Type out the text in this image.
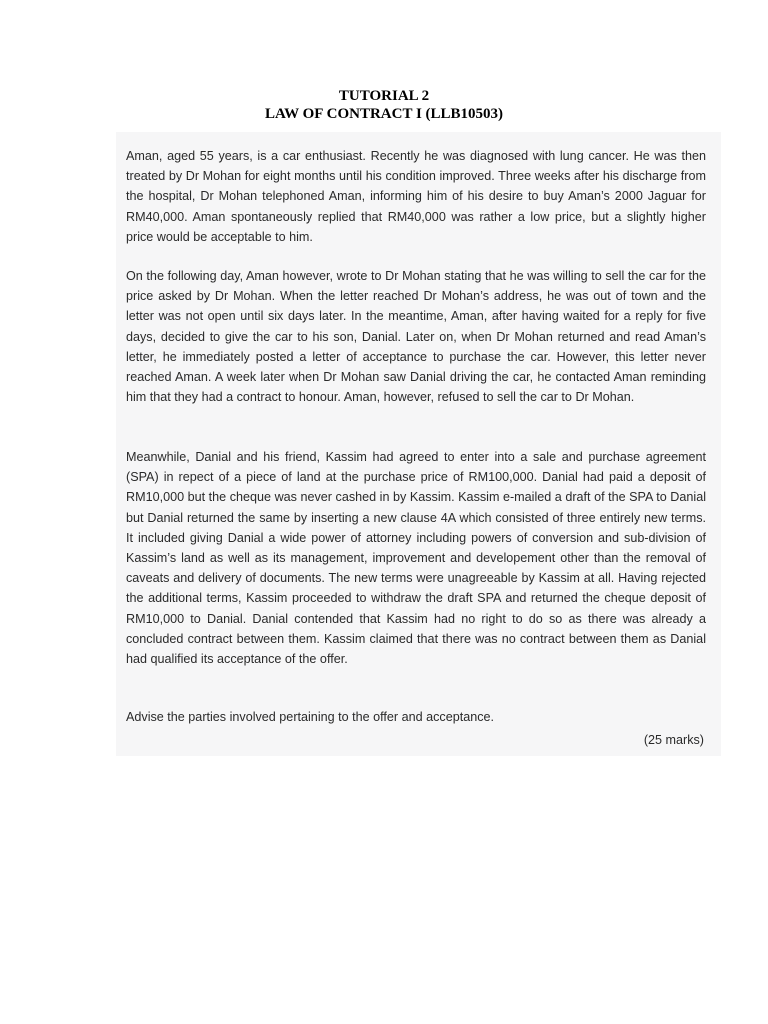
TUTORIAL 2
LAW OF CONTRACT I (LLB10503)

Aman, aged 55 years, is a car enthusiast. Recently he was diagnosed with lung cancer. He was then treated by Dr Mohan for eight months until his condition improved. Three weeks after his discharge from the hospital, Dr Mohan telephoned Aman, informing him of his desire to buy Aman’s 2000 Jaguar for RM40,000. Aman spontaneously replied that RM40,000 was rather a low price, but a slightly higher price would be acceptable to him.

On the following day, Aman however, wrote to Dr Mohan stating that he was willing to sell the car for the price asked by Dr Mohan. When the letter reached Dr Mohan’s address, he was out of town and the letter was not open until six days later. In the meantime, Aman, after having waited for a reply for five days, decided to give the car to his son, Danial. Later on, when Dr Mohan returned and read Aman’s letter, he immediately posted a letter of acceptance to purchase the car. However, this letter never reached Aman. A week later when Dr Mohan saw Danial driving the car, he contacted Aman reminding him that they had a contract to honour. Aman, however, refused to sell the car to Dr Mohan.

Meanwhile, Danial and his friend, Kassim had agreed to enter into a sale and purchase agreement (SPA) in repect of a piece of land at the purchase price of RM100,000. Danial had paid a deposit of RM10,000 but the cheque was never cashed in by Kassim. Kassim e-mailed a draft of the SPA to Danial but Danial returned the same by inserting a new clause 4A which consisted of three entirely new terms. It included giving Danial a wide power of attorney including powers of conversion and sub-division of Kassim’s land as well as its management, improvement and developement other than the removal of caveats and delivery of documents. The new terms were unagreeable by Kassim at all. Having rejected the additional terms, Kassim proceeded to withdraw the draft SPA and returned the cheque deposit of RM10,000 to Danial. Danial contended that Kassim had no right to do so as there was already a concluded contract between them. Kassim claimed that there was no contract between them as Danial had qualified its acceptance of the offer.

Advise the parties involved pertaining to the offer and acceptance.

(25 marks)
